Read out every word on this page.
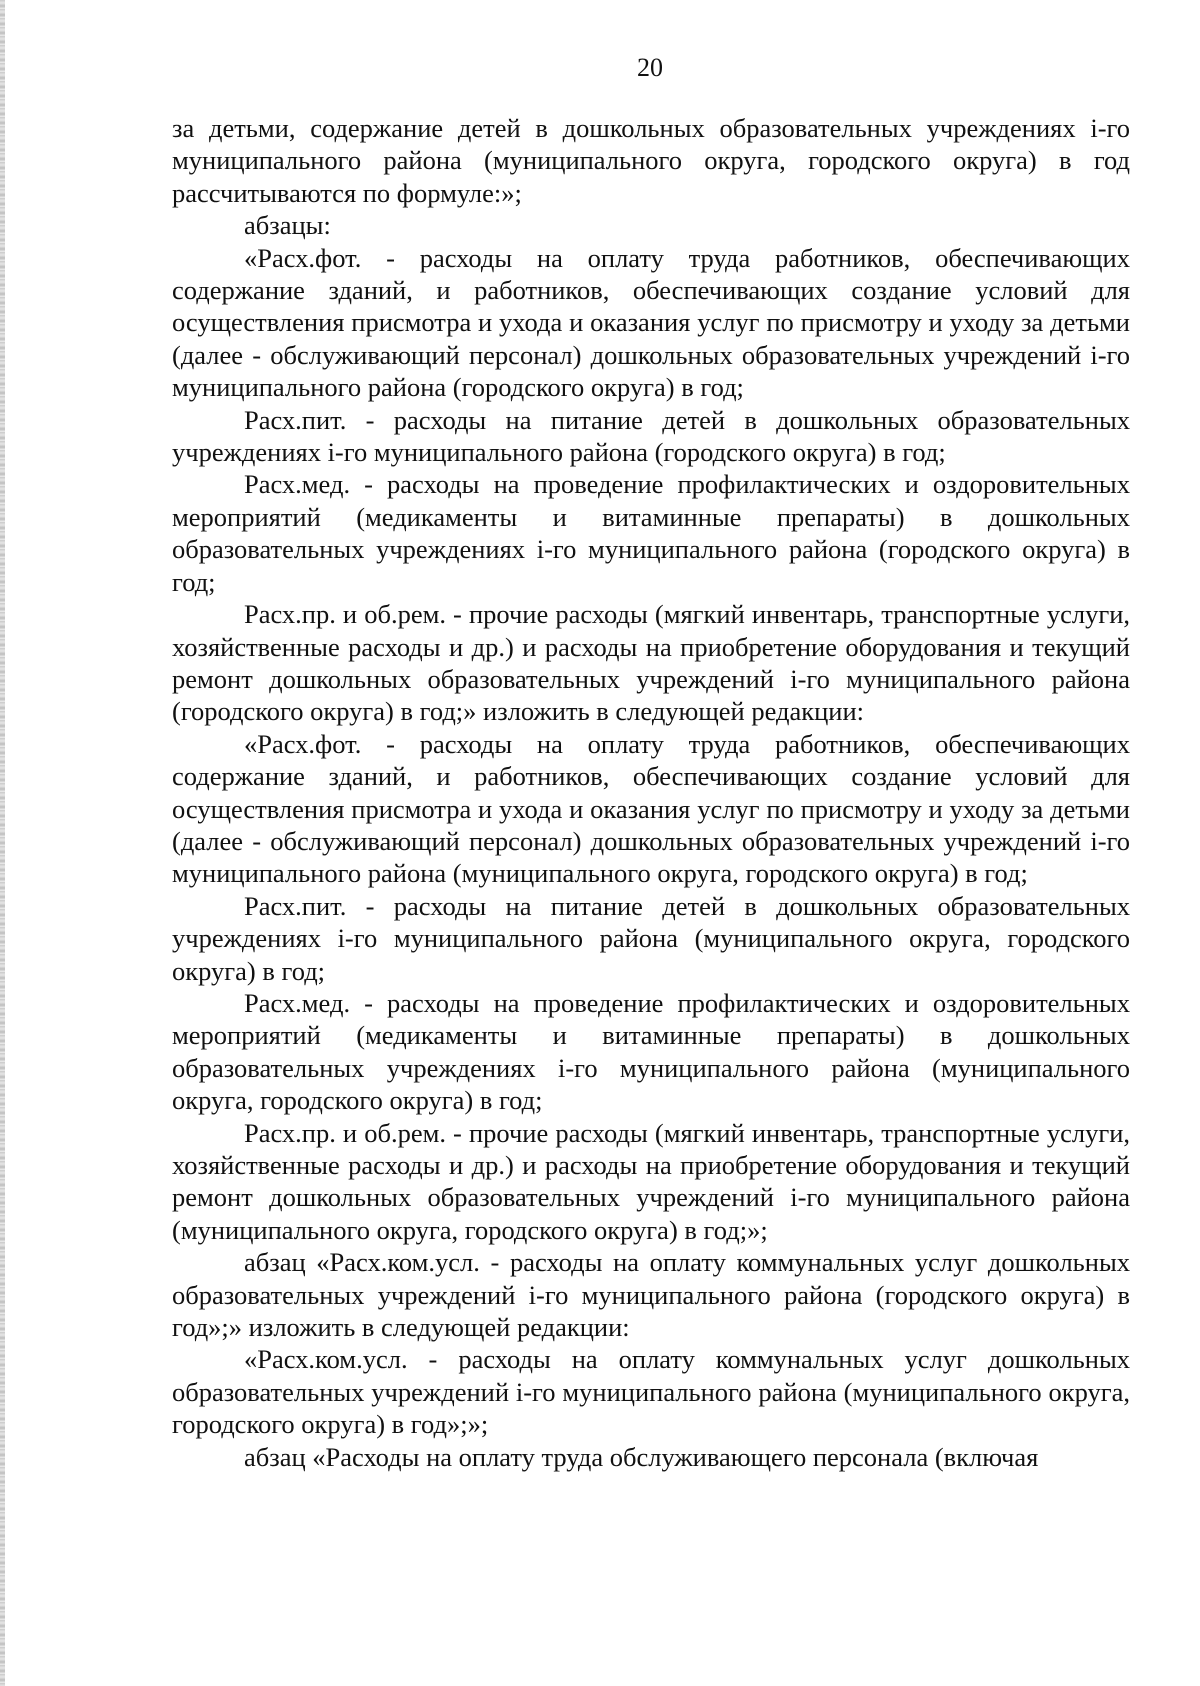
20

за детьми, содержание детей в дошкольных образовательных учреждениях i-го муниципального района (муниципального округа, городского округа) в год рассчитываются по формуле:»;

абзацы:

«Расх.фот. - расходы на оплату труда работников, обеспечивающих содержание зданий, и работников, обеспечивающих создание условий для осуществления присмотра и ухода и оказания услуг по присмотру и уходу за детьми (далее - обслуживающий персонал) дошкольных образовательных учреждений i-го муниципального района (городского округа) в год;

Расх.пит. - расходы на питание детей в дошкольных образовательных учреждениях i-го муниципального района (городского округа) в год;

Расх.мед. - расходы на проведение профилактических и оздоровительных мероприятий (медикаменты и витаминные препараты) в дошкольных образовательных учреждениях i-го муниципального района (городского округа) в год;

Расх.пр. и об.рем. - прочие расходы (мягкий инвентарь, транспортные услуги, хозяйственные расходы и др.) и расходы на приобретение оборудования и текущий ремонт дошкольных образовательных учреждений i-го муниципального района (городского округа) в год;» изложить в следующей редакции:

«Расх.фот. - расходы на оплату труда работников, обеспечивающих содержание зданий, и работников, обеспечивающих создание условий для осуществления присмотра и ухода и оказания услуг по присмотру и уходу за детьми (далее - обслуживающий персонал) дошкольных образовательных учреждений i-го муниципального района (муниципального округа, городского округа) в год;

Расх.пит. - расходы на питание детей в дошкольных образовательных учреждениях i-го муниципального района (муниципального округа, городского округа) в год;

Расх.мед. - расходы на проведение профилактических и оздоровительных мероприятий (медикаменты и витаминные препараты) в дошкольных образовательных учреждениях i-го муниципального района (муниципального округа, городского округа) в год;

Расх.пр. и об.рем. - прочие расходы (мягкий инвентарь, транспортные услуги, хозяйственные расходы и др.) и расходы на приобретение оборудования и текущий ремонт дошкольных образовательных учреждений i-го муниципального района (муниципального округа, городского округа) в год;»;

абзац «Расх.ком.усл. - расходы на оплату коммунальных услуг дошкольных образовательных учреждений i-го муниципального района (городского округа) в год»;» изложить в следующей редакции:

«Расх.ком.усл. - расходы на оплату коммунальных услуг дошкольных образовательных учреждений i-го муниципального района (муниципального округа, городского округа) в год»;»;

абзац «Расходы на оплату труда обслуживающего персонала (включая
